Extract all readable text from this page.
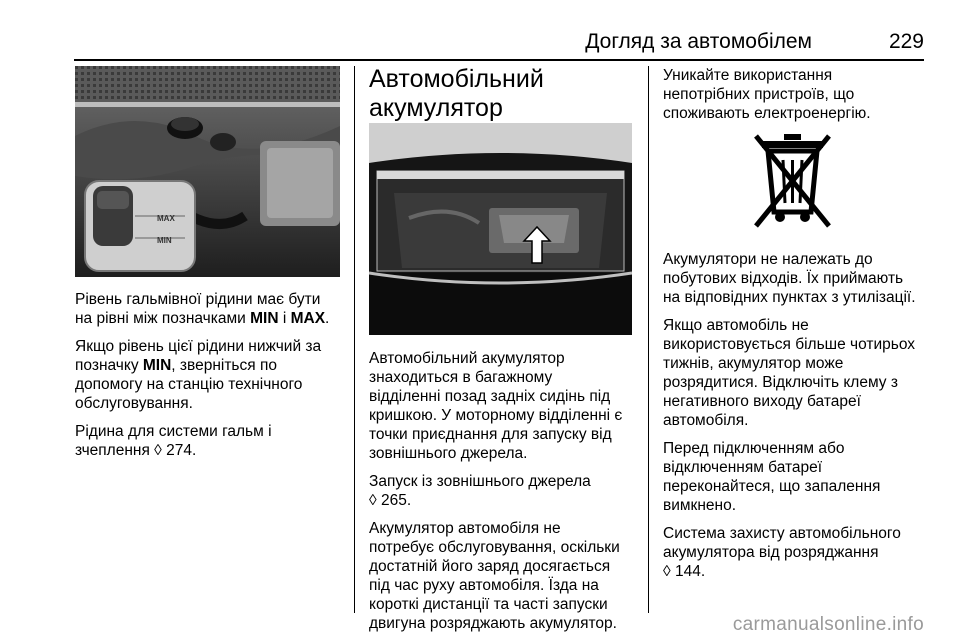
Догляд за автомобілем	229
MAX
MIN

Рівень гальмівної рідини має бути
на рівні між позначками MIN і MAX.

Якщо рівень цієї рідини нижчий за
позначку MIN, зверніться по
допомогу на станцію технічного
обслуговування.

Рідина для системи гальм і
зчеплення ◊ 274.

Автомобільний
акумулятор

Автомобільний акумулятор
знаходиться в багажному
відділенні позад задніх сидінь під
кришкою. У моторному відділенні є
точки приєднання для запуску від
зовнішнього джерела.

Запуск із зовнішнього джерела
◊ 265.

Акумулятор автомобіля не
потребує обслуговування, оскільки
достатній його заряд досягається
під час руху автомобіля. Їзда на
короткі дистанції та часті запуски
двигуна розряджають акумулятор.

Уникайте використання
непотрібних пристроїв, що
споживають електроенергію.

Акумулятори не належать до
побутових відходів. Їх приймають
на відповідних пунктах з утилізації.

Якщо автомобіль не
використовується більше чотирьох
тижнів, акумулятор може
розрядитися. Відключіть клему з
негативного виходу батареї
автомобіля.

Перед підключенням або
відключенням батареї
переконайтеся, що запалення
вимкнено.

Система захисту автомобільного
акумулятора від розряджання
◊ 144.

carmanualsonline.info
